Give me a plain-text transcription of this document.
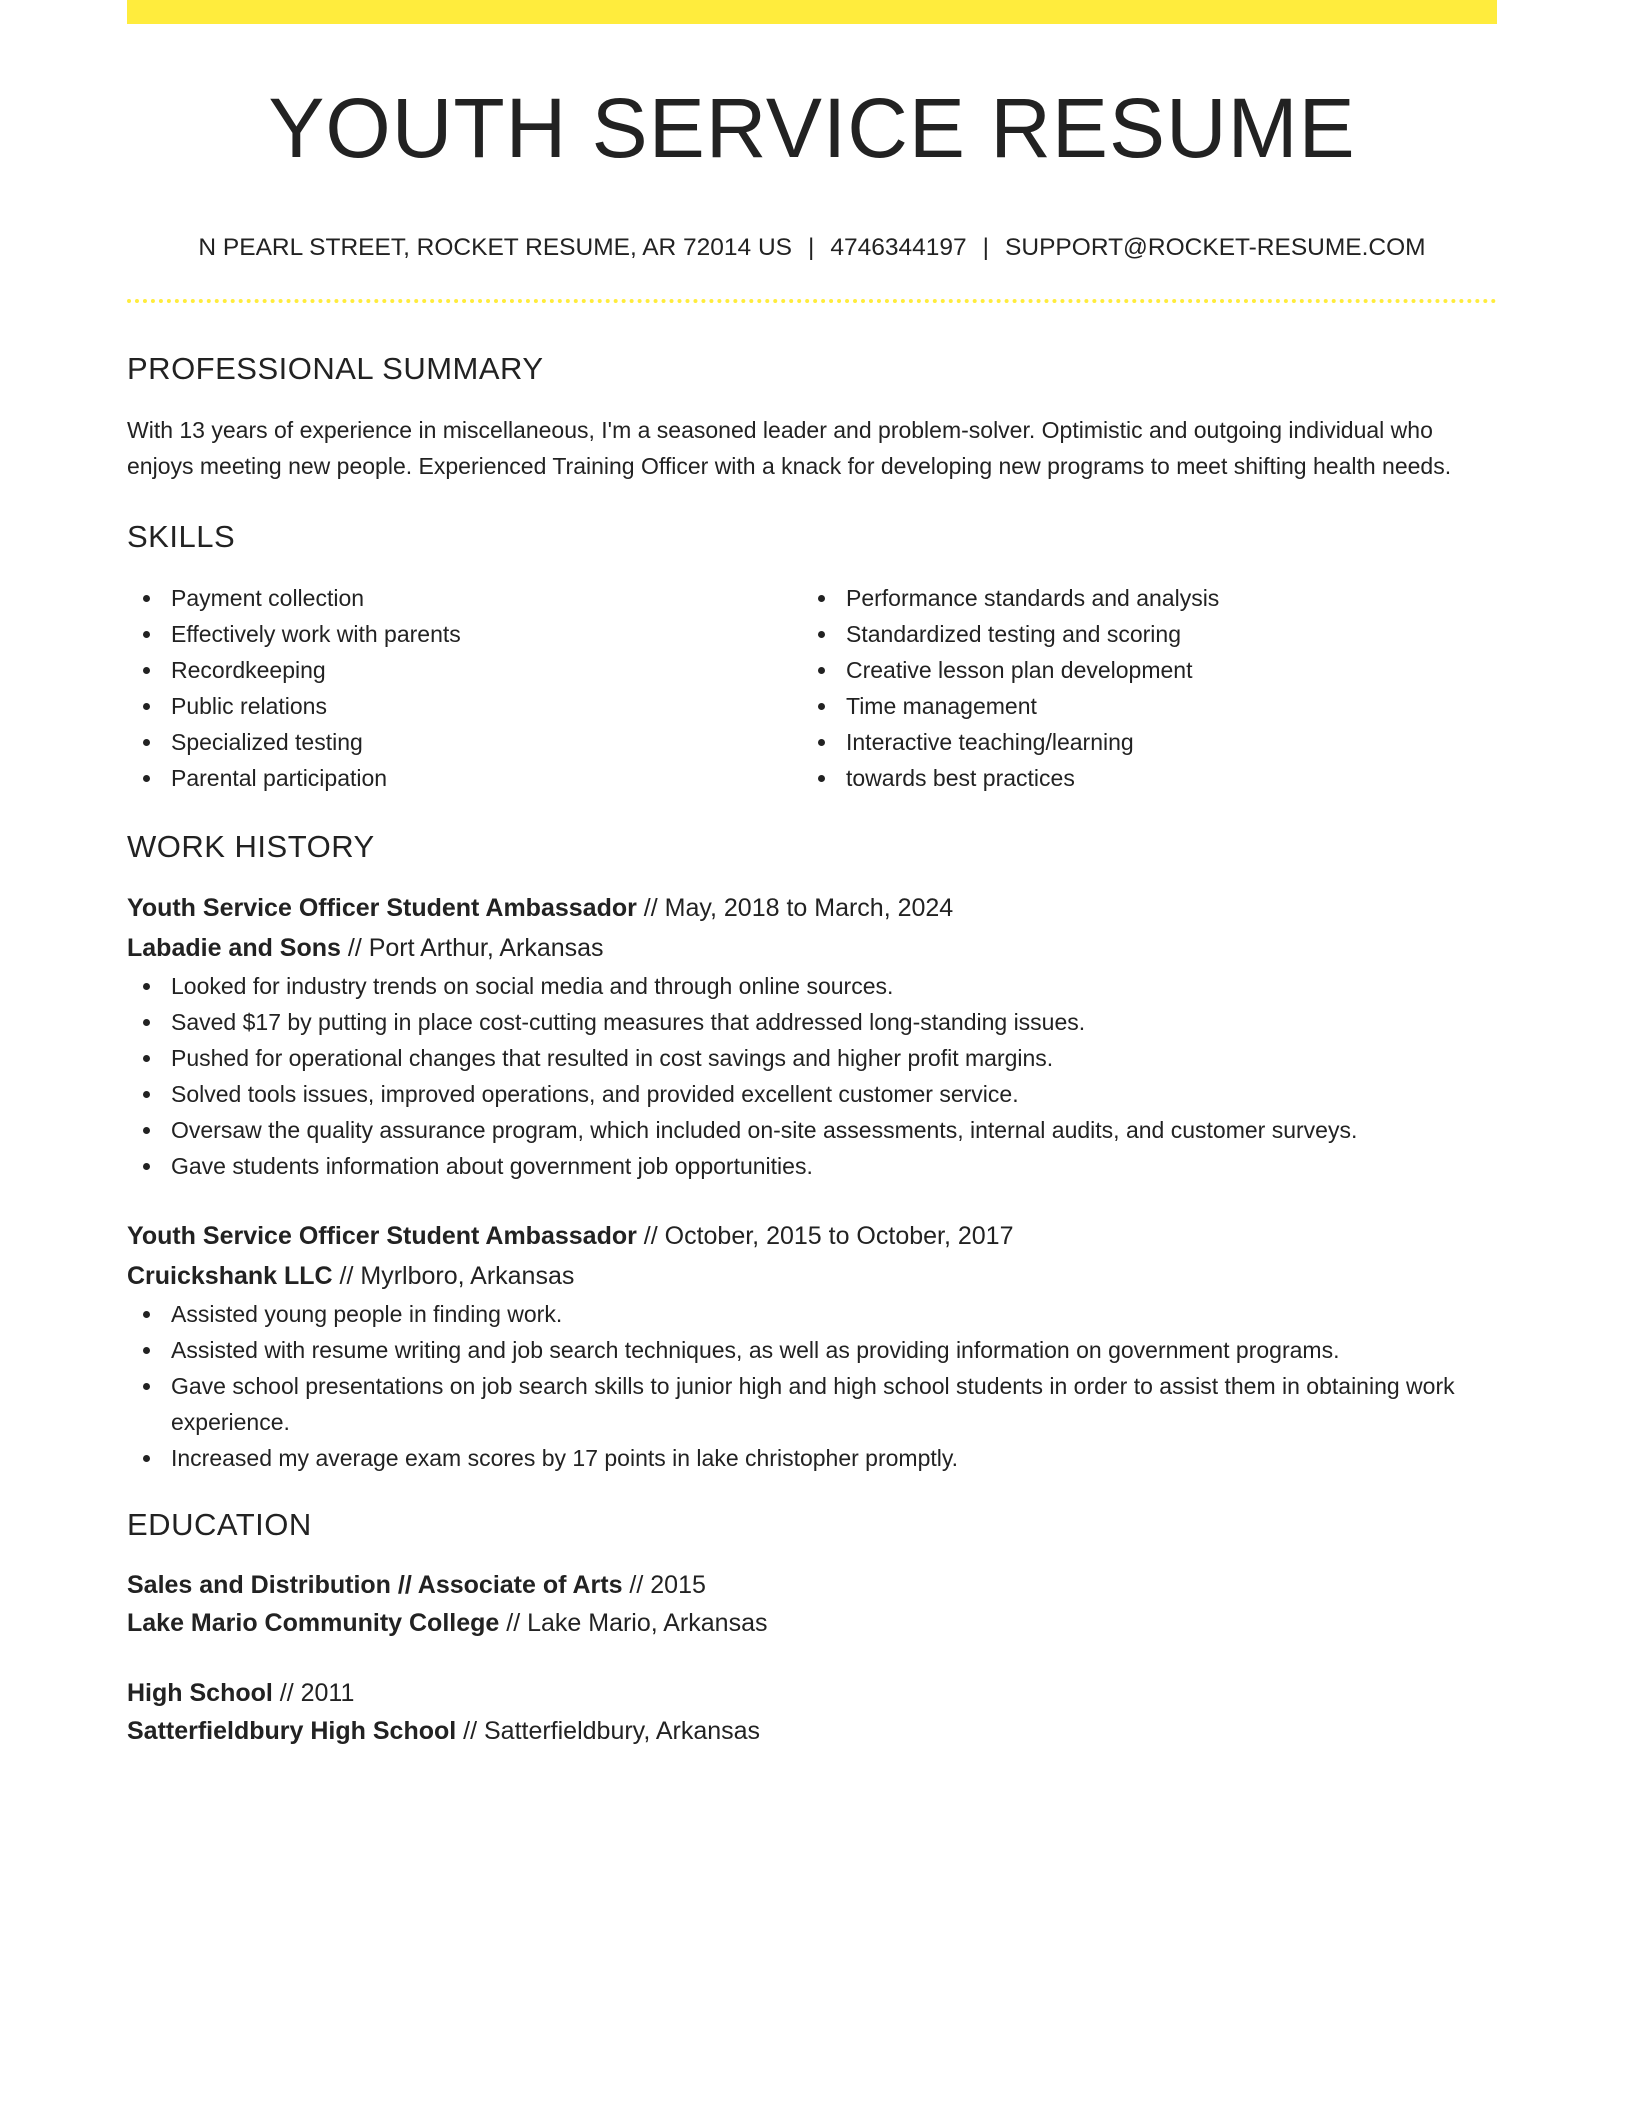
YOUTH SERVICE RESUME
N PEARL STREET, ROCKET RESUME, AR 72014 US | 4746344197 | SUPPORT@ROCKET-RESUME.COM
PROFESSIONAL SUMMARY
With 13 years of experience in miscellaneous, I'm a seasoned leader and problem-solver. Optimistic and outgoing individual who enjoys meeting new people. Experienced Training Officer with a knack for developing new programs to meet shifting health needs.
SKILLS
Payment collection
Effectively work with parents
Recordkeeping
Public relations
Specialized testing
Parental participation
Performance standards and analysis
Standardized testing and scoring
Creative lesson plan development
Time management
Interactive teaching/learning
towards best practices
WORK HISTORY
Youth Service Officer Student Ambassador // May, 2018 to March, 2024
Labadie and Sons // Port Arthur, Arkansas
Looked for industry trends on social media and through online sources.
Saved $17 by putting in place cost-cutting measures that addressed long-standing issues.
Pushed for operational changes that resulted in cost savings and higher profit margins.
Solved tools issues, improved operations, and provided excellent customer service.
Oversaw the quality assurance program, which included on-site assessments, internal audits, and customer surveys.
Gave students information about government job opportunities.
Youth Service Officer Student Ambassador // October, 2015 to October, 2017
Cruickshank LLC // Myrlboro, Arkansas
Assisted young people in finding work.
Assisted with resume writing and job search techniques, as well as providing information on government programs.
Gave school presentations on job search skills to junior high and high school students in order to assist them in obtaining work experience.
Increased my average exam scores by 17 points in lake christopher promptly.
EDUCATION
Sales and Distribution // Associate of Arts // 2015
Lake Mario Community College // Lake Mario, Arkansas
High School // 2011
Satterfieldbury High School // Satterfieldbury, Arkansas
